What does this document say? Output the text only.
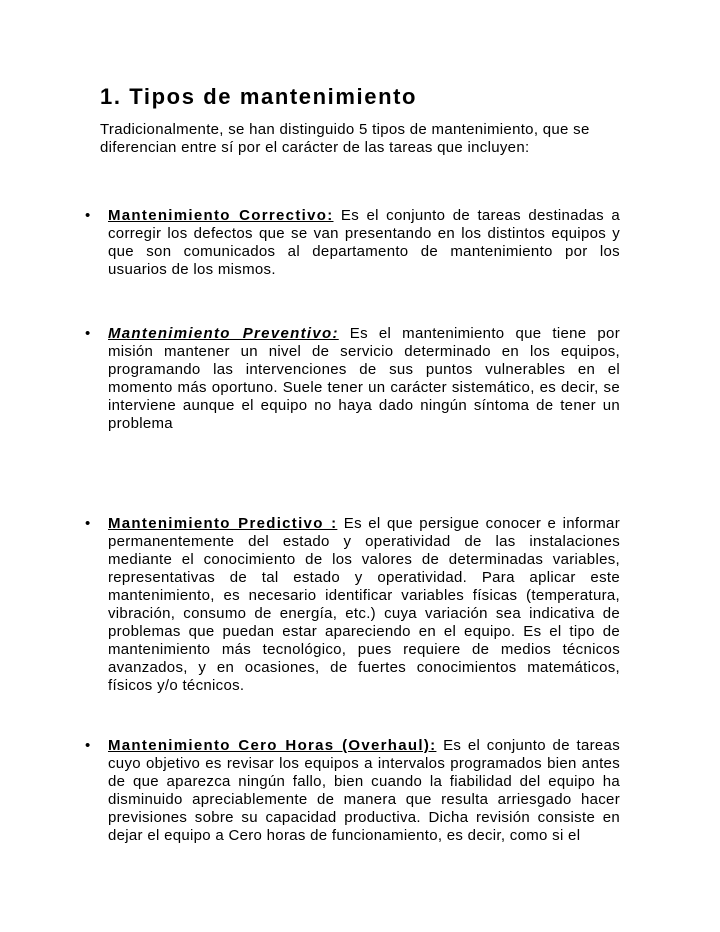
1. Tipos de mantenimiento

Tradicionalmente, se han distinguido 5 tipos de mantenimiento, que se diferencian entre sí por el carácter de las tareas que incluyen:

• Mantenimiento Correctivo: Es el conjunto de tareas destinadas a corregir los defectos que se van presentando en los distintos equipos y que son comunicados al departamento de mantenimiento por los usuarios de los mismos.

• Mantenimiento Preventivo: Es el mantenimiento que tiene por misión mantener un nivel de servicio determinado en los equipos, programando las intervenciones de sus puntos vulnerables en el momento más oportuno. Suele tener un carácter sistemático, es decir, se interviene aunque el equipo no haya dado ningún síntoma de tener un problema

• Mantenimiento Predictivo : Es el que persigue conocer e informar permanentemente del estado y operatividad de las instalaciones mediante el conocimiento de los valores de determinadas variables, representativas de tal estado y operatividad. Para aplicar este mantenimiento, es necesario identificar variables físicas (temperatura, vibración, consumo de energía, etc.) cuya variación sea indicativa de problemas que puedan estar apareciendo en el equipo. Es el tipo de mantenimiento más tecnológico, pues requiere de medios técnicos avanzados, y en ocasiones, de fuertes conocimientos matemáticos, físicos y/o técnicos.

• Mantenimiento Cero Horas (Overhaul): Es el conjunto de tareas cuyo objetivo es revisar los equipos a intervalos programados bien antes de que aparezca ningún fallo, bien cuando la fiabilidad del equipo ha disminuido apreciablemente de manera que resulta arriesgado hacer previsiones sobre su capacidad productiva. Dicha revisión consiste en dejar el equipo a Cero horas de funcionamiento, es decir, como si el
